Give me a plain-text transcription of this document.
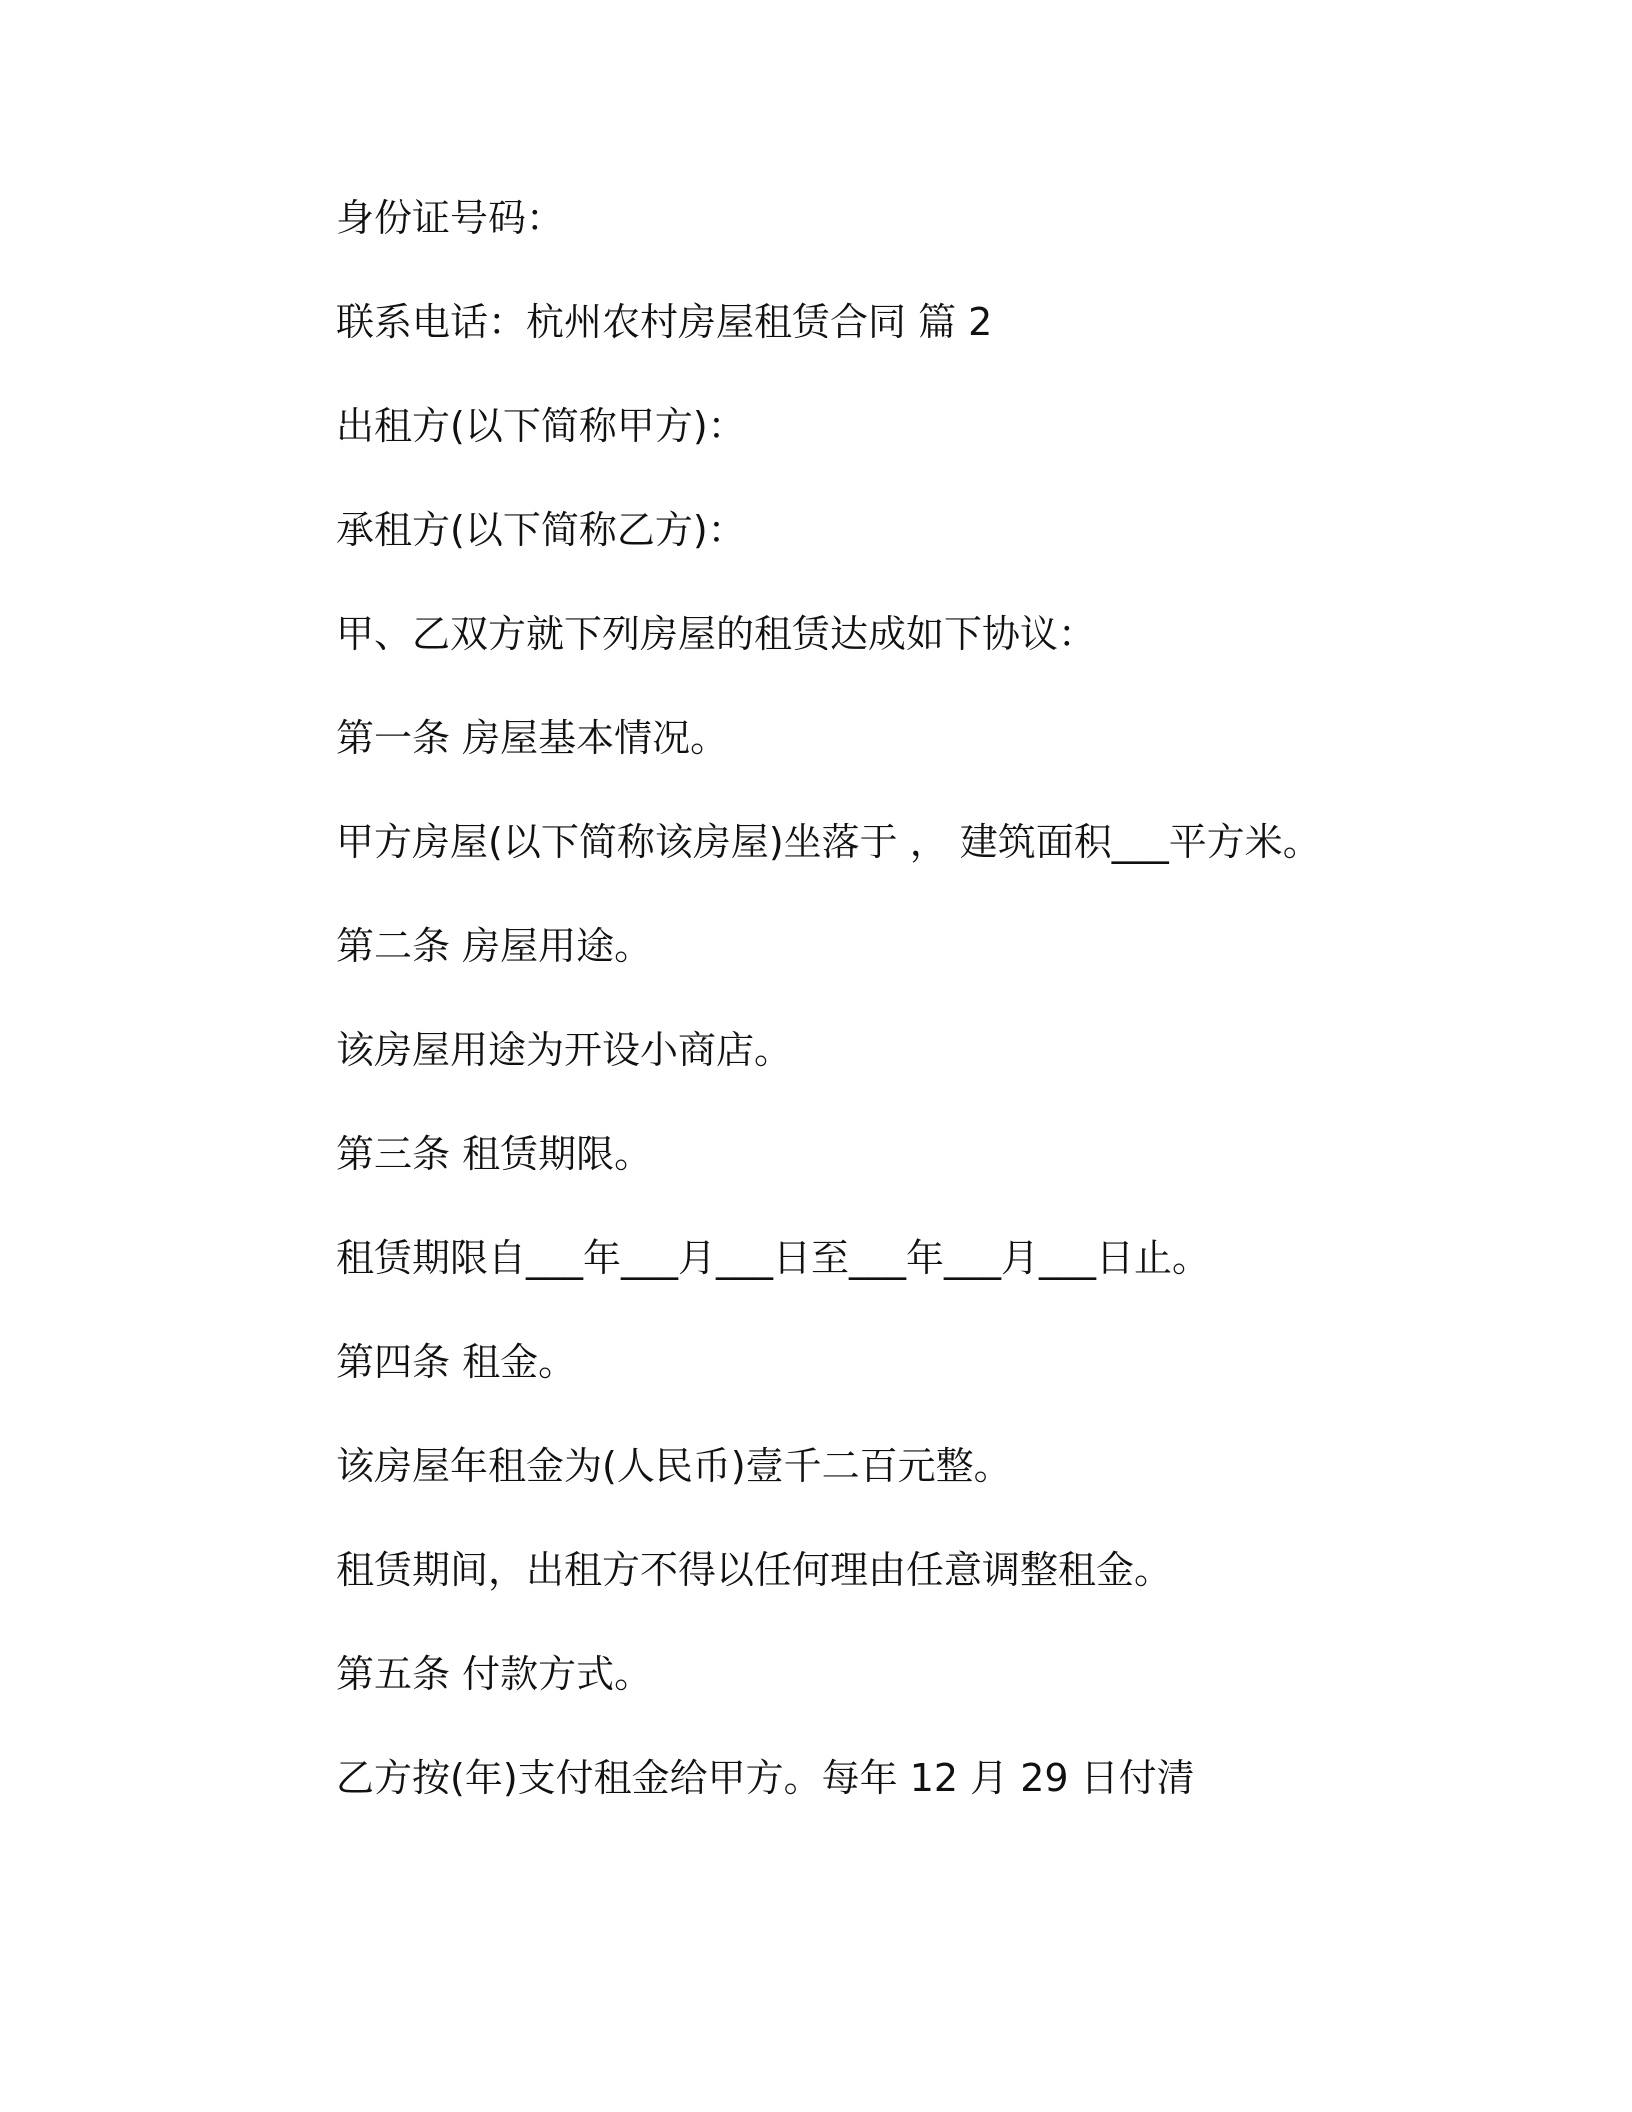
身份证号码：
联系电话：杭州农村房屋租赁合同 篇 2
出租方(以下简称甲方)：
承租方(以下简称乙方)：
甲、乙双方就下列房屋的租赁达成如下协议：
第一条 房屋基本情况。
甲方房屋(以下简称该房屋)坐落于 ， 建筑面积___平方米。
第二条 房屋用途。
该房屋用途为开设小商店。
第三条 租赁期限。
租赁期限自___年___月___日至___年___月___日止。
第四条 租金。
该房屋年租金为(人民币)壹千二百元整。
租赁期间，出租方不得以任何理由任意调整租金。
第五条 付款方式。
乙方按(年)支付租金给甲方。每年 12 月 29 日付清
